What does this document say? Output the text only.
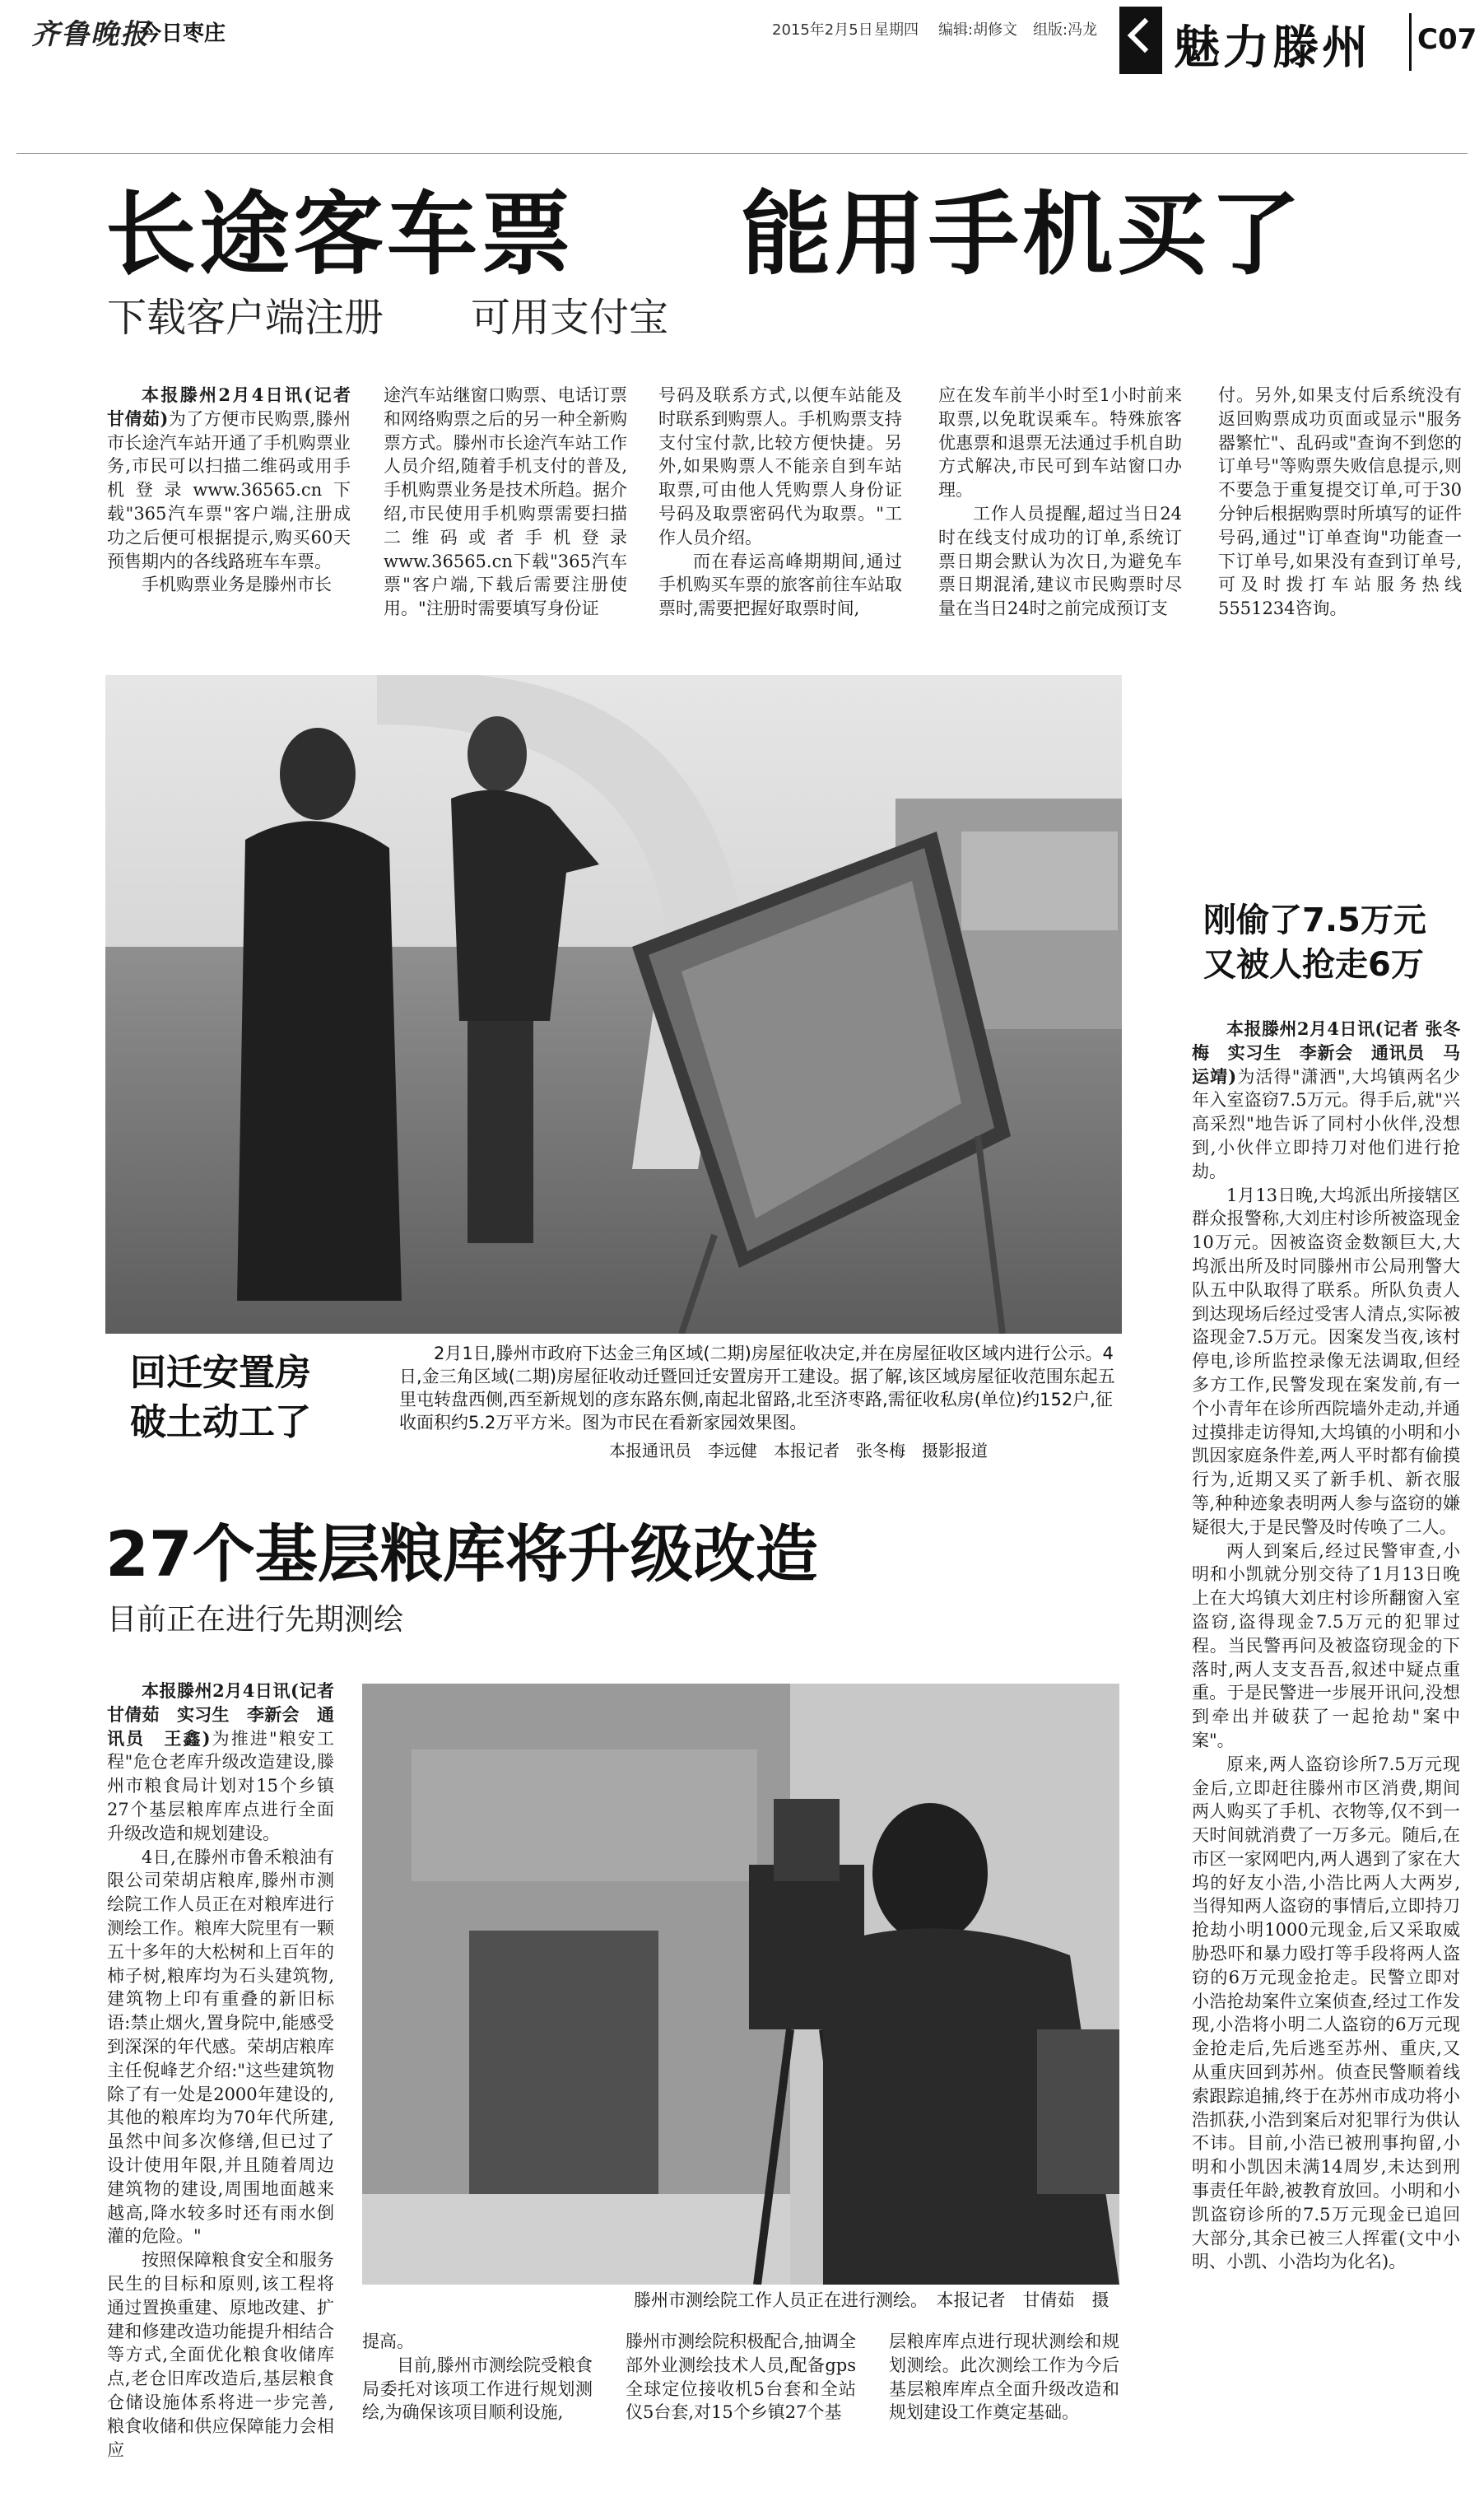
齐鲁晚报
今日枣庄	2015年2月5日 星期四 编辑:胡修文 组版:冯龙 魅力滕州 C07
长途客车票 能用手机买了
下载客户端注册 可用支付宝

本报滕州2月4日讯(记者 甘倩茹)为了方便市民购票,滕州市长途汽车站开通了手机购票业务,市民可以扫描二维码或用手机登录www.36565.cn下载"365汽车票"客户端,注册成功之后便可根据提示,购买60天预售期内的各线路班车车票。

手机购票业务是滕州市长

途汽车站继窗口购票、电话订票和网络购票之后的另一种全新购票方式。滕州市长途汽车站工作人员介绍,随着手机支付的普及,手机购票业务是技术所趋。据介绍,市民使用手机购票需要扫描二维码或者手机登录www.36565.cn下载"365汽车票"客户端,下载后需要注册使用。"注册时需要填写身份证

号码及联系方式,以便车站能及时联系到购票人。手机购票支持支付宝付款,比较方便快捷。另外,如果购票人不能亲自到车站取票,可由他人凭购票人身份证号码及取票密码代为取票。"工作人员介绍。

而在春运高峰期期间,通过手机购买车票的旅客前往车站取票时,需要把握好取票时间,

应在发车前半小时至1小时前来取票,以免耽误乘车。特殊旅客优惠票和退票无法通过手机自助方式解决,市民可到车站窗口办理。

工作人员提醒,超过当日24时在线支付成功的订单,系统订票日期会默认为次日,为避免车票日期混淆,建议市民购票时尽量在当日24时之前完成预订支

付。另外,如果支付后系统没有返回购票成功页面或显示"服务器繁忙"、乱码或"查询不到您的订单号"等购票失败信息提示,则不要急于重复提交订单,可于30分钟后根据购票时所填写的证件号码,通过"订单查询"功能查一下订单号,如果没有查到订单号,可及时拨打车站服务热线5551234咨询。

回迁安置房
破土动工了

2月1日,滕州市政府下达金三角区域(二期)房屋征收决定,并在房屋征收区域内进行公示。4日,金三角区域(二期)房屋征收动迁暨回迁安置房开工建设。据了解,该区域房屋征收范围东起五里屯转盘西侧,西至新规划的彦东路东侧,南起北留路,北至济枣路,需征收私房(单位)约152户,征收面积约5.2万平方米。图为市民在看新家园效果图。

本报通讯员　李远健　本报记者　张冬梅　摄影报道
刚偷了7.5万元
又被人抢走6万

本报滕州2月4日讯(记者 张冬梅　实习生　李新会　通讯员　马运靖)为活得"潇洒",大坞镇两名少年入室盗窃7.5万元。得手后,就"兴高采烈"地告诉了同村小伙伴,没想到,小伙伴立即持刀对他们进行抢劫。

1月13日晚,大坞派出所接辖区群众报警称,大刘庄村诊所被盗现金10万元。因被盗资金数额巨大,大坞派出所及时同滕州市公局刑警大队五中队取得了联系。所队负责人到达现场后经过受害人清点,实际被盗现金7.5万元。因案发当夜,该村停电,诊所监控录像无法调取,但经多方工作,民警发现在案发前,有一个小青年在诊所西院墙外走动,并通过摸排走访得知,大坞镇的小明和小凯因家庭条件差,两人平时都有偷摸行为,近期又买了新手机、新衣服等,种种迹象表明两人参与盗窃的嫌疑很大,于是民警及时传唤了二人。

两人到案后,经过民警审查,小明和小凯就分别交待了1月13日晚上在大坞镇大刘庄村诊所翻窗入室盗窃,盗得现金7.5万元的犯罪过程。当民警再问及被盗窃现金的下落时,两人支支吾吾,叙述中疑点重重。于是民警进一步展开讯问,没想到牵出并破获了一起抢劫"案中案"。

原来,两人盗窃诊所7.5万元现金后,立即赶往滕州市区消费,期间两人购买了手机、衣物等,仅不到一天时间就消费了一万多元。随后,在市区一家网吧内,两人遇到了家在大坞的好友小浩,小浩比两人大两岁,当得知两人盗窃的事情后,立即持刀抢劫小明1000元现金,后又采取威胁恐吓和暴力殴打等手段将两人盗窃的6万元现金抢走。民警立即对小浩抢劫案件立案侦查,经过工作发现,小浩将小明二人盗窃的6万元现金抢走后,先后逃至苏州、重庆,又从重庆回到苏州。侦查民警顺着线索跟踪追捕,终于在苏州市成功将小浩抓获,小浩到案后对犯罪行为供认不讳。目前,小浩已被刑事拘留,小明和小凯因未满14周岁,未达到刑事责任年龄,被教育放回。小明和小凯盗窃诊所的7.5万元现金已追回大部分,其余已被三人挥霍(文中小明、小凯、小浩均为化名)。

27个基层粮库将升级改造
目前正在进行先期测绘

本报滕州2月4日讯(记者 甘倩茹　实习生　李新会　通讯员　王鑫)为推进"粮安工程"危仓老库升级改造建设,滕州市粮食局计划对15个乡镇27个基层粮库库点进行全面升级改造和规划建设。

4日,在滕州市鲁禾粮油有限公司荣胡店粮库,滕州市测绘院工作人员正在对粮库进行测绘工作。粮库大院里有一颗五十多年的大松树和上百年的柿子树,粮库均为石头建筑物,建筑物上印有重叠的新旧标语:禁止烟火,置身院中,能感受到深深的年代感。荣胡店粮库主任倪峰艺介绍:"这些建筑物除了有一处是2000年建设的,其他的粮库均为70年代所建,虽然中间多次修缮,但已过了设计使用年限,并且随着周边建筑物的建设,周围地面越来越高,降水较多时还有雨水倒灌的危险。"

按照保障粮食安全和服务民生的目标和原则,该工程将通过置换重建、原地改建、扩建和修建改造功能提升相结合等方式,全面优化粮食收储库点,老仓旧库改造后,基层粮食仓储设施体系将进一步完善,粮食收储和供应保障能力会相应

滕州市测绘院工作人员正在进行测绘。　 本报记者　甘倩茹　摄

提高。

目前,滕州市测绘院受粮食局委托对该项工作进行规划测绘,为确保该项目顺利设施,

滕州市测绘院积极配合,抽调全部外业测绘技术人员,配备gps全球定位接收机5台套和全站仪5台套,对15个乡镇27个基

层粮库库点进行现状测绘和规划测绘。此次测绘工作为今后基层粮库库点全面升级改造和规划建设工作奠定基础。
